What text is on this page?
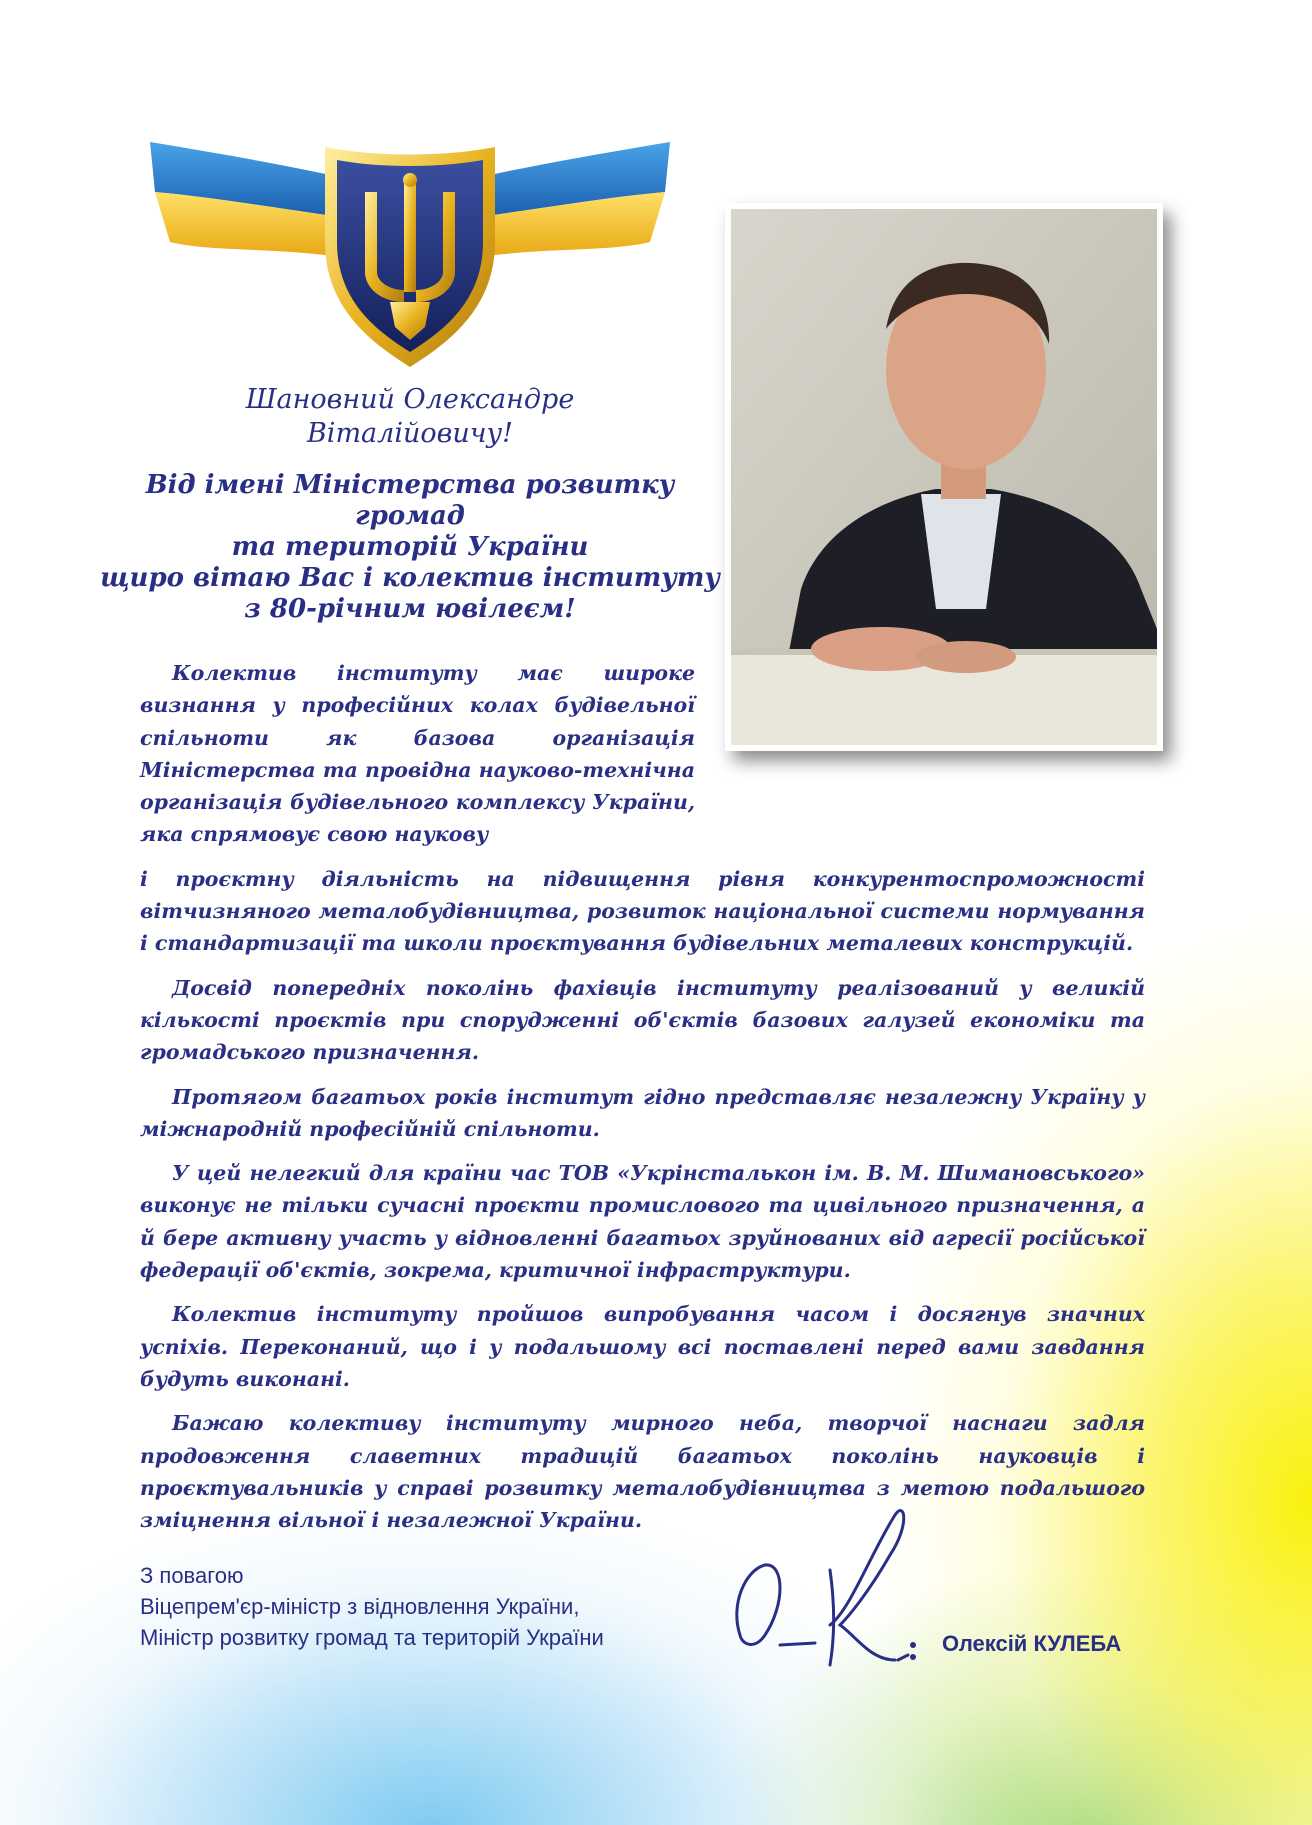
Шановний Олександре
Віталійовичу!
Від імені Міністерства розвитку громад
та територій України
щиро вітаю Вас і колектив інституту
з 80-річним ювілеєм!

Колектив інституту має широке визнання у професійних колах будівельної спільноти як базова організація Міністерства та провідна науково-технічна організація будівельного комплексу України, яка спрямовує свою наукову

і проєктну діяльність на підвищення рівня конкурентоспроможності вітчизняного металобудівництва, розвиток національної системи нормування і стандартизації та школи проєктування будівельних металевих конструкцій.

Досвід попередніх поколінь фахівців інституту реалізований у великій кількості проєктів при спорудженні об'єктів базових галузей економіки та громадського призначення.

Протягом багатьох років інститут гідно представляє незалежну Україну у міжнародній професійній спільноти.

У цей нелегкий для країни час ТОВ «Укрінсталькон ім. В. М. Шимановського» виконує не тільки сучасні проєкти промислового та цивільного призначення, а й бере активну участь у відновленні багатьох зруйнованих від агресії російської федерації об'єктів, зокрема, критичної інфраструктури.

Колектив інституту пройшов випробування часом і досягнув значних успіхів. Переконаний, що і у подальшому всі поставлені перед вами завдання будуть виконані.

Бажаю колективу інституту мирного неба, творчої наснаги задля продовження славетних традицій багатьох поколінь науковців і проєктувальників у справі розвитку металобудівництва з метою подальшого зміцнення вільної і незалежної України.

З повагою
Віцепрем'єр-міністр з відновлення України,
Міністр розвитку громад та територій України	Олексій КУЛЕБА
